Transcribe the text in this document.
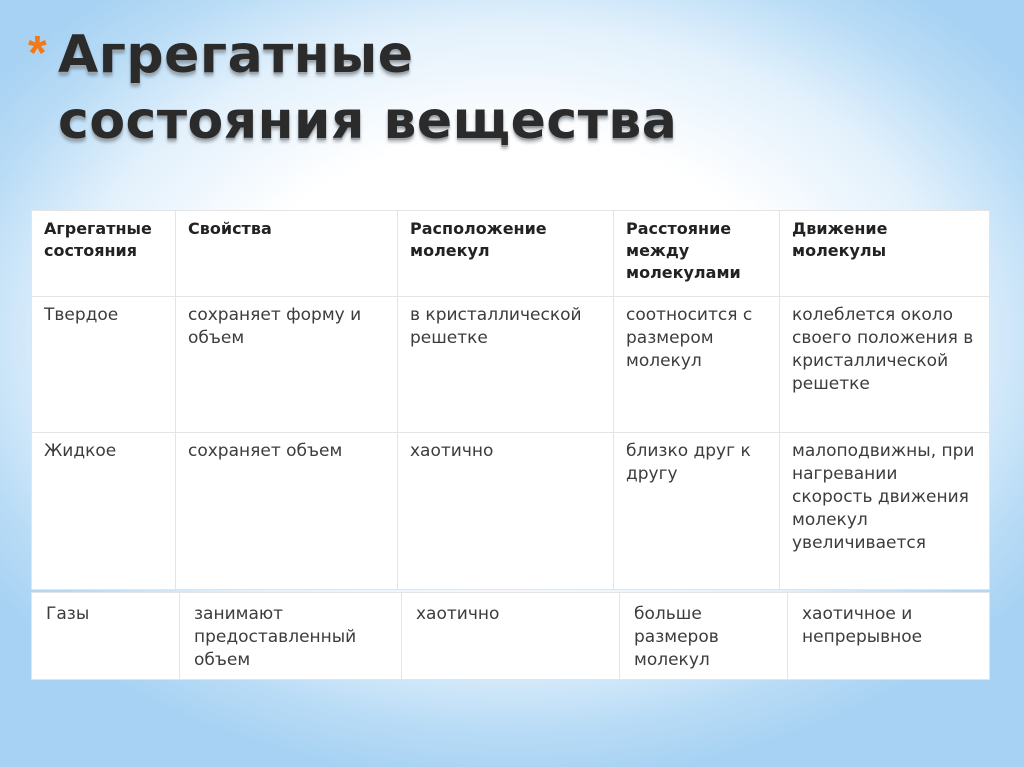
* Агрегатные
состояния вещества
Агрегатные состояния	Свойства	Расположение молекул	Расстояние между молекулами	Движение молекулы
Твердое	сохраняет форму и объем	в кристаллической решетке	соотносится с размером молекул	колеблется около своего положения в кристаллической решетке
Жидкое	сохраняет объем	хаотично	близко друг к другу	малоподвижны, при нагревании скорость движения молекул увеличивается
Газы	занимают предоставленный объем	хаотично	больше размеров молекул	хаотичное и непрерывное
